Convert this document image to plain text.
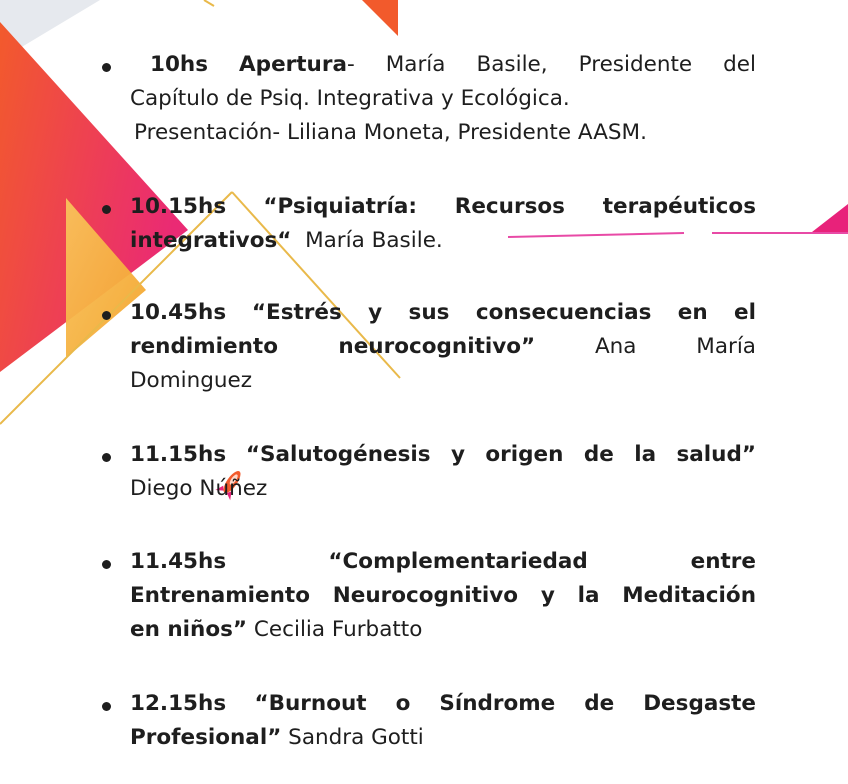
10hs Apertura- María Basile, Presidente del
Capítulo de Psiq. Integrativa y Ecológica.
Presentación- Liliana Moneta, Presidente AASM.
10.15hs “Psiquiatría: Recursos terapéuticos
integrativos“ María Basile.
10.45hs “Estrés y sus consecuencias en el
rendimiento neurocognitivo”	Ana María
Dominguez
11.15hs “Salutogénesis y origen de la salud”
Diego Núñez
11.45hs	“Complementariedad entre
Entrenamiento Neurocognitivo y la Meditación
en niños” Cecilia Furbatto
12.15hs “Burnout o Síndrome de Desgaste
Profesional” Sandra Gotti
